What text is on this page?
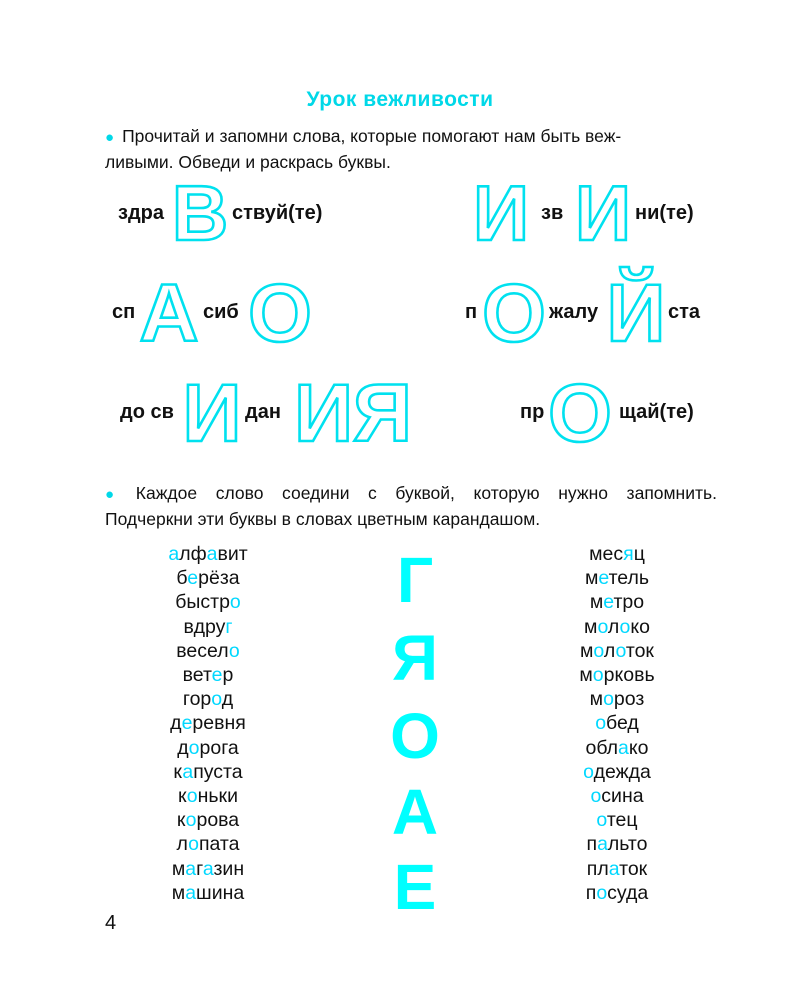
Урок вежливости
● Прочитай и запомни слова, которые помогают нам быть веж-
ливыми. Обведи и раскрась буквы.
здра В ствуй(те) И зв И ни(те)
сп А сиб О	п О жалу Й ста
до св И дан ИЯ	пр О щай(те)
● Каждое слово соедини с буквой, которую нужно запомнить.
Подчеркни эти буквы в словах цветным карандашом.
алфавит
берёза
быстро
вдруг
весело
ветер
город
деревня
дорога
капуста
коньки
корова
лопата
магазин
машина
Г
Я
О
А
Е
месяц
метель
метро
молоко
молоток
морковь
мороз
обед
облако
одежда
осина
отец
пальто
платок
посуда
4
